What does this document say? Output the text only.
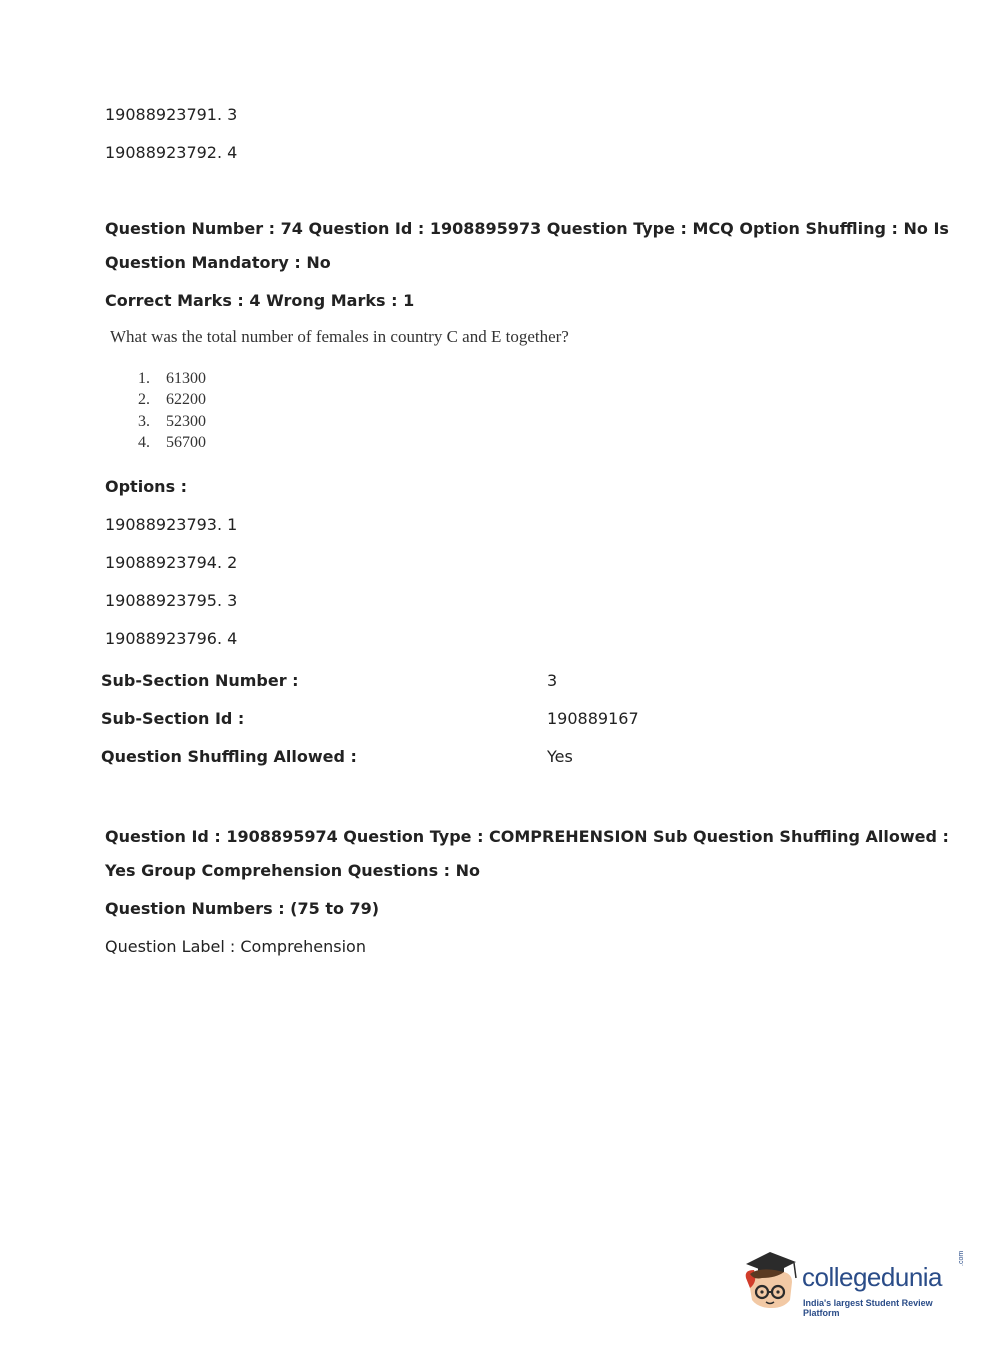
19088923791. 3
19088923792. 4
Question Number : 74 Question Id : 1908895973 Question Type : MCQ Option Shuffling : No Is
Question Mandatory : No
Correct Marks : 4 Wrong Marks : 1
What was the total number of females in country C and E together?
1. 61300
2. 62200
3. 52300
4. 56700
Options :
19088923793. 1
19088923794. 2
19088923795. 3
19088923796. 4
Sub-Section Number :	3
Sub-Section Id :	190889167
Question Shuffling Allowed :	Yes
Question Id : 1908895974 Question Type : COMPREHENSION Sub Question Shuffling Allowed :
Yes Group Comprehension Questions : No
Question Numbers : (75 to 79)
Question Label : Comprehension
collegedunia
.com
India's largest Student Review Platform
